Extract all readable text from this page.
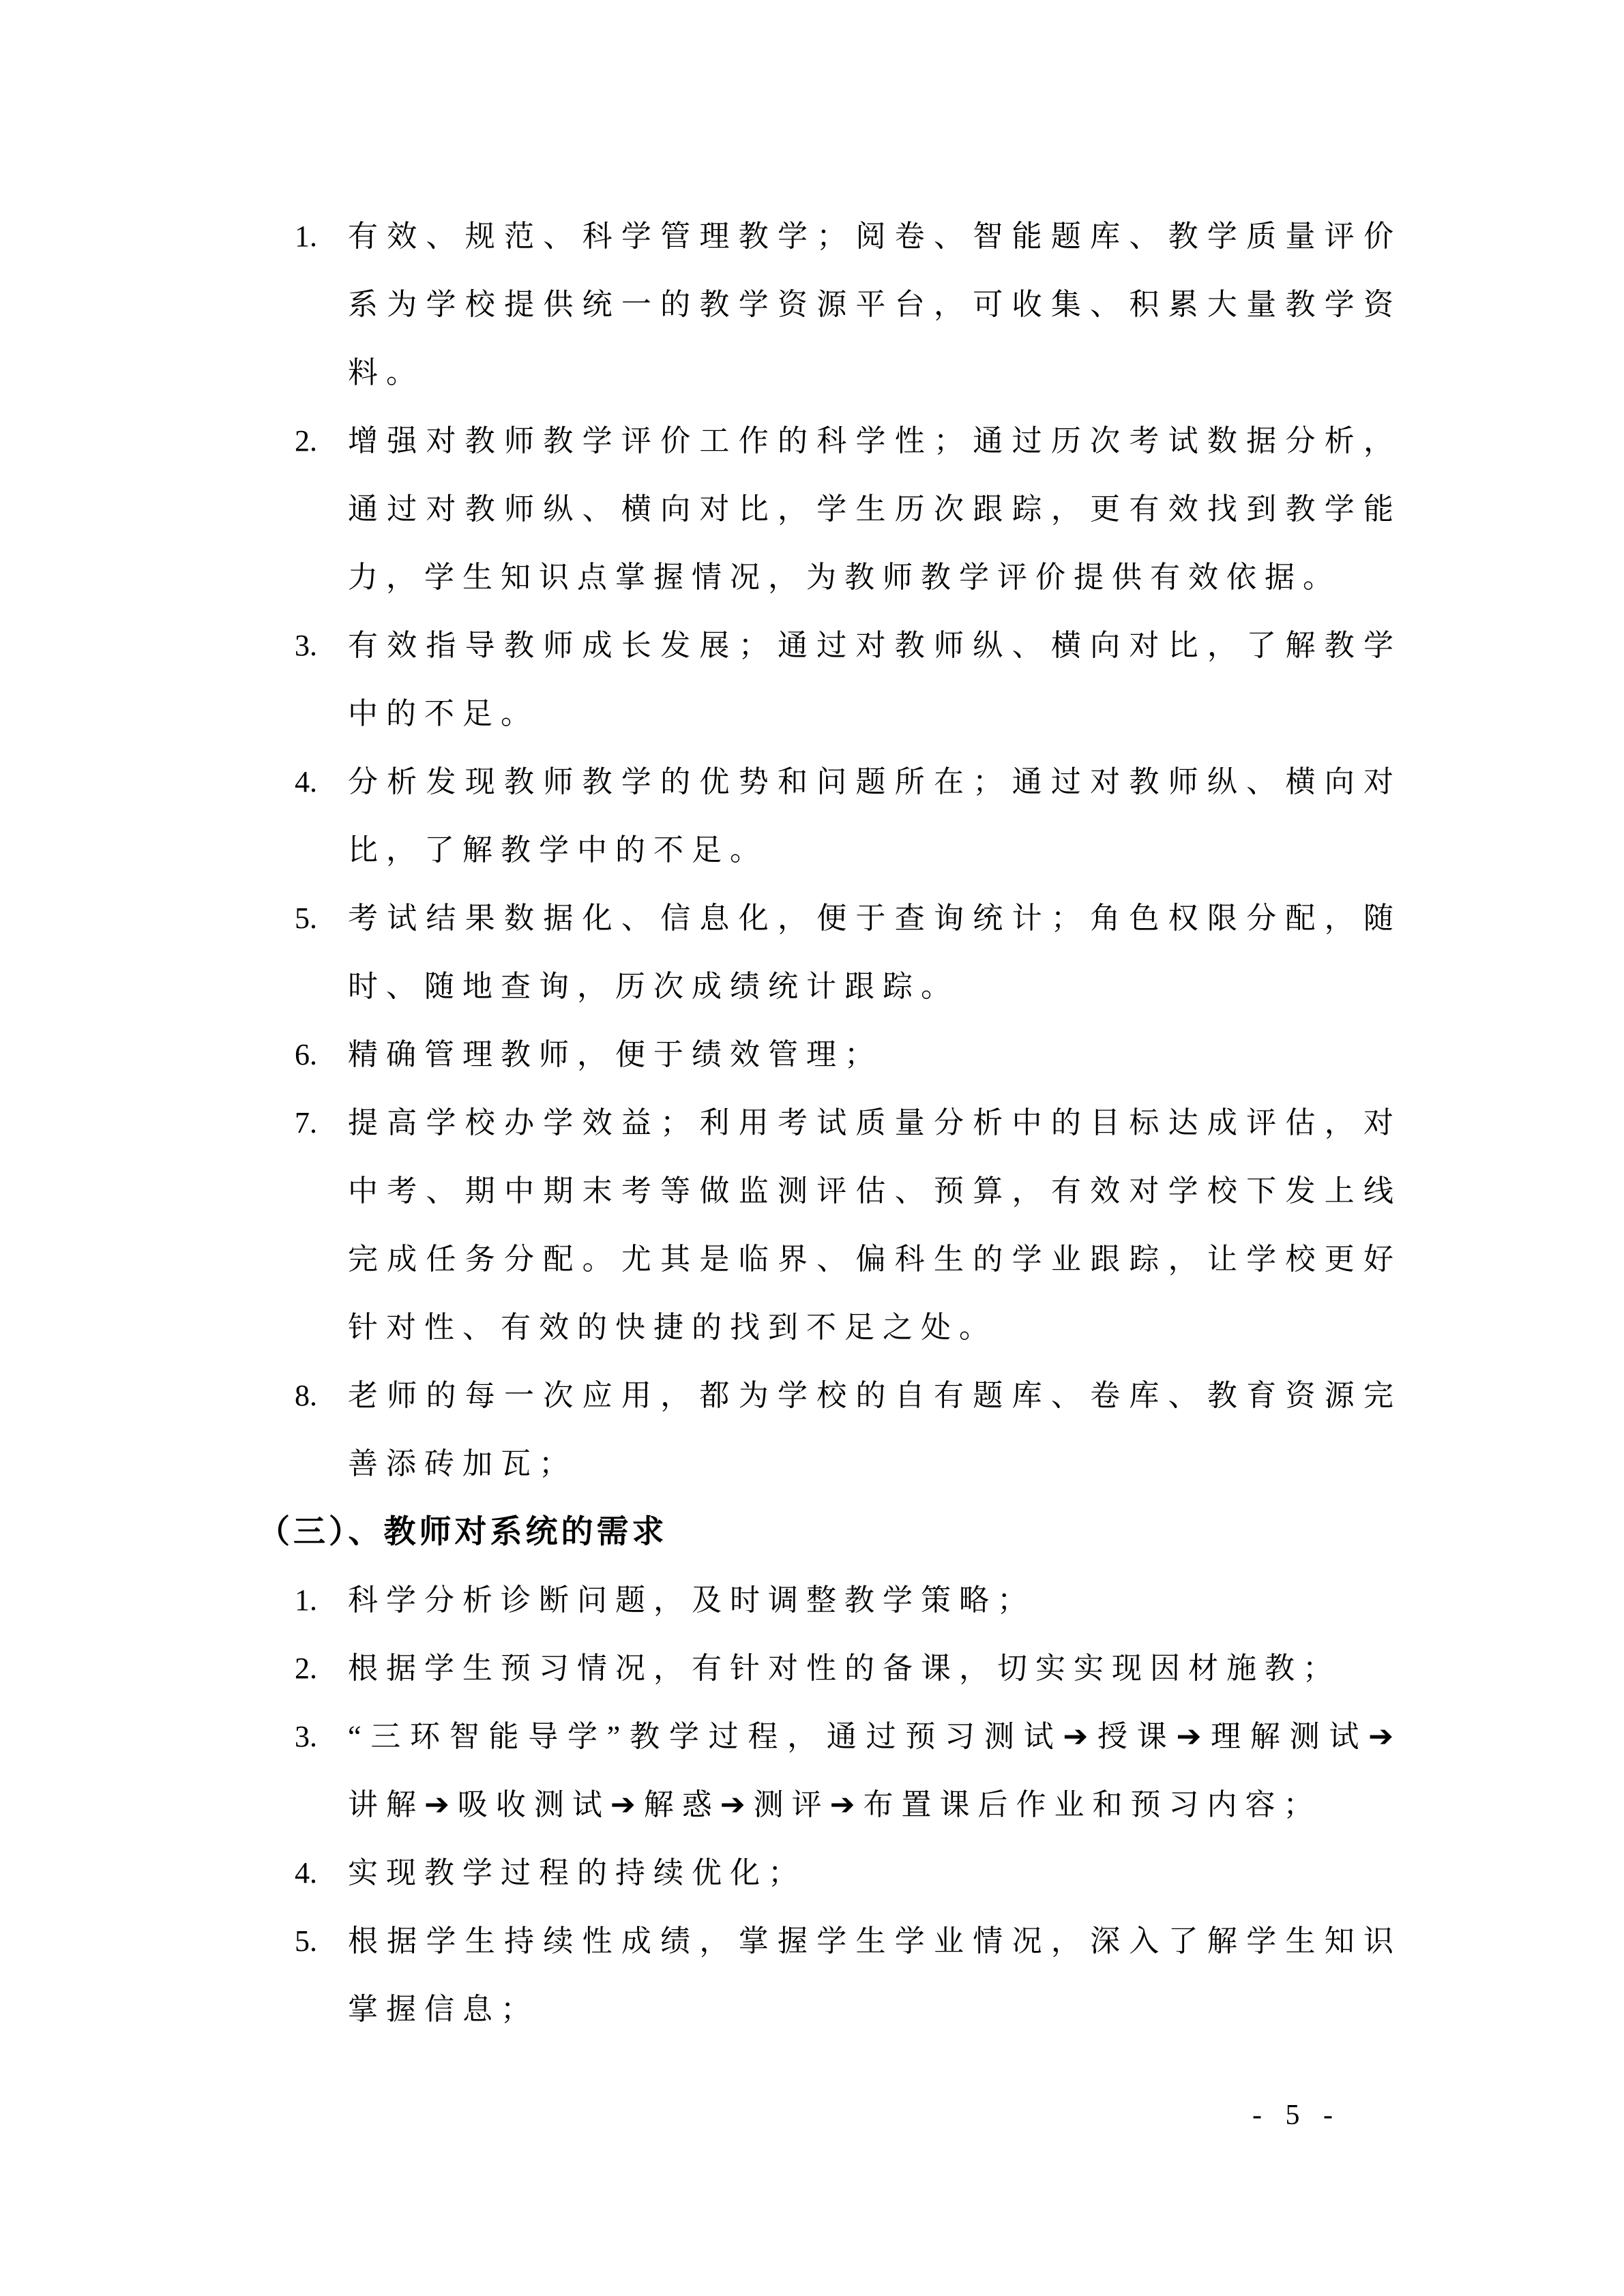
1.	有效、规范、科学管理教学；阅卷、智能题库、教学质量评价
系为学校提供统一的教学资源平台，可收集、积累大量教学资
料。
2.	增强对教师教学评价工作的科学性；通过历次考试数据分析，
通过对教师纵、横向对比，学生历次跟踪，更有效找到教学能
力，学生知识点掌握情况，为教师教学评价提供有效依据。
3.	有效指导教师成长发展；通过对教师纵、横向对比，了解教学
中的不足。
4.	分析发现教师教学的优势和问题所在；通过对教师纵、横向对
比，了解教学中的不足。
5.	考试结果数据化、信息化，便于查询统计；角色权限分配，随
时、随地查询，历次成绩统计跟踪。
6.	精确管理教师，便于绩效管理；
7.	提高学校办学效益；利用考试质量分析中的目标达成评估，对
中考、期中期末考等做监测评估、预算，有效对学校下发上线
完成任务分配。尤其是临界、偏科生的学业跟踪，让学校更好
针对性、有效的快捷的找到不足之处。
8.	老师的每一次应用，都为学校的自有题库、卷库、教育资源完
善添砖加瓦；
（三）、教师对系统的需求
1.	科学分析诊断问题，及时调整教学策略；
2.	根据学生预习情况，有针对性的备课，切实实现因材施教；
3.	“三环智能导学”教学过程，通过预习测试➔授课➔理解测试➔
讲解➔吸收测试➔解惑➔测评➔布置课后作业和预习内容；
4.	实现教学过程的持续优化；
5.	根据学生持续性成绩，掌握学生学业情况，深入了解学生知识
掌握信息；
- 5 -
